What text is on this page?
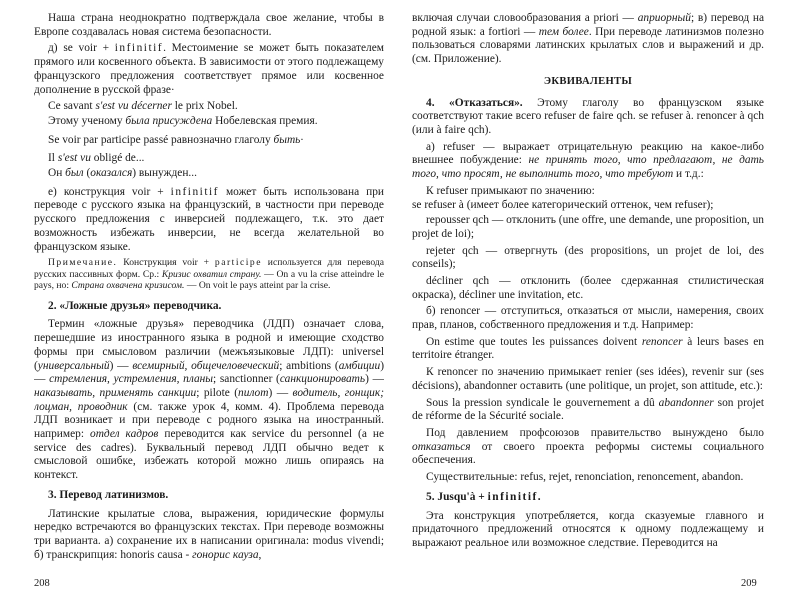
Наша страна неоднократно подтверждала свое желание, чтобы в Европе создавалась новая система безопасности.

д) se voir + infinitif. Местоимение se может быть показателем прямого или косвенного объекта. В зависимости от этого подлежащему французского предложения соответствует прямое или косвенное дополнение в русской фразе·

Ce savant s'est vu décerner le prix Nobel.

Этому ученому была присуждена Нобелевская премия.

Se voir par participe passé равнозначно глаголу быть·

Il s'est vu obligé de...

Он был (оказался) вынужден...

е) конструкция voir + infinitif может быть использована при переводе с русского языка на французский, в частности при переводе русского предложения с инверсией подлежащего, т.к. это дает возможность избежать инверсии, не всегда желательной во французском языке.

Примечание. Конструкция voir + participe используется для перевода русских пассивных форм. Ср.: Кризис охватил страну. — On a vu la crise atteindre le pays, но: Страна охвачена кризисом. — On voit le pays atteint par la crise.

2. «Ложные друзья» переводчика.

Термин «ложные друзья» переводчика (ЛДП) означает слова, перешедшие из иностранного языка в родной и имеющие сходство формы при смысловом различии (межъязыковые ЛДП): universel (универсальный) — всемирный, общечеловеческий; ambitions (амбиции) — стремления, устремления, планы; sanctionner (санкционировать) — наказывать, применять санкции; pilote (пилот) — водитель, гонщик; лоцман, проводник (см. также урок 4, комм. 4). Проблема перевода ЛДП возникает и при переводе с родного языка на иностранный. например: отдел кадров переводится как service du personnel (а не service des cadres). Буквальный перевод ЛДП обычно ведет к смысловой ошибке, избежать которой можно лишь опираясь на контекст.

3. Перевод латинизмов.

Латинские крылатые слова, выражения, юридические формулы нередко встречаются во французских текстах. При переводе возможны три варианта. а) сохранение их в написании оригинала: modus vivendi; б) транскрипция: honoris causa - гонорис кауза,

208

включая случаи словообразования a priori — априорный; в) перевод на родной язык: a fortiori — тем более. При переводе латинизмов полезно пользоваться словарями латинских крылатых слов и выражений и др. (см. Приложение).

ЭКВИВАЛЕНТЫ

4. «Отказаться». Этому глаголу во французском языке соответствуют такие всего refuser de faire qch. se refuser à. renoncer à qch (или à faire qch).

а) refuser — выражает отрицательную реакцию на какое-либо внешнее побуждение: не принять того, что предлагают, не дать того, что просят, не выполнить того, что требуют и т.д.:

К refuser примыкают по значению:

se refuser à (имеет более категорический оттенок, чем refuser);

repousser qch — отклонить (une offre, une demande, une proposition, un projet de loi);

rejeter qch — отвергнуть (des propositions, un projet de loi, des conseils);

décliner qch — отклонить (более сдержанная стилистическая окраска), décliner une invitation, etc.

б) renoncer — отступиться, отказаться от мысли, намерения, своих прав, планов, собственного предложения и т.д. Например:

On estime que toutes les puissances doivent renoncer à leurs bases en territoire étranger.

К renoncer по значению примыкает renier (ses idées), revenir sur (ses décisions), abandonner оставить (une politique, un projet, son attitude, etc.):

Sous la pression syndicale le gouvernement a dû abandonner son projet de réforme de la Sécurité sociale.

Под давлением профсоюзов правительство вынуждено было отказаться от своего проекта реформы системы социального обеспечения.

Существительные: refus, rejet, renonciation, renoncement, abandon.

5. Jusqu'à + infinitif.

Эта конструкция употребляется, когда сказуемые главного и придаточного предложений относятся к одному подлежащему и выражают реальное или возможное следствие. Переводится на

209
